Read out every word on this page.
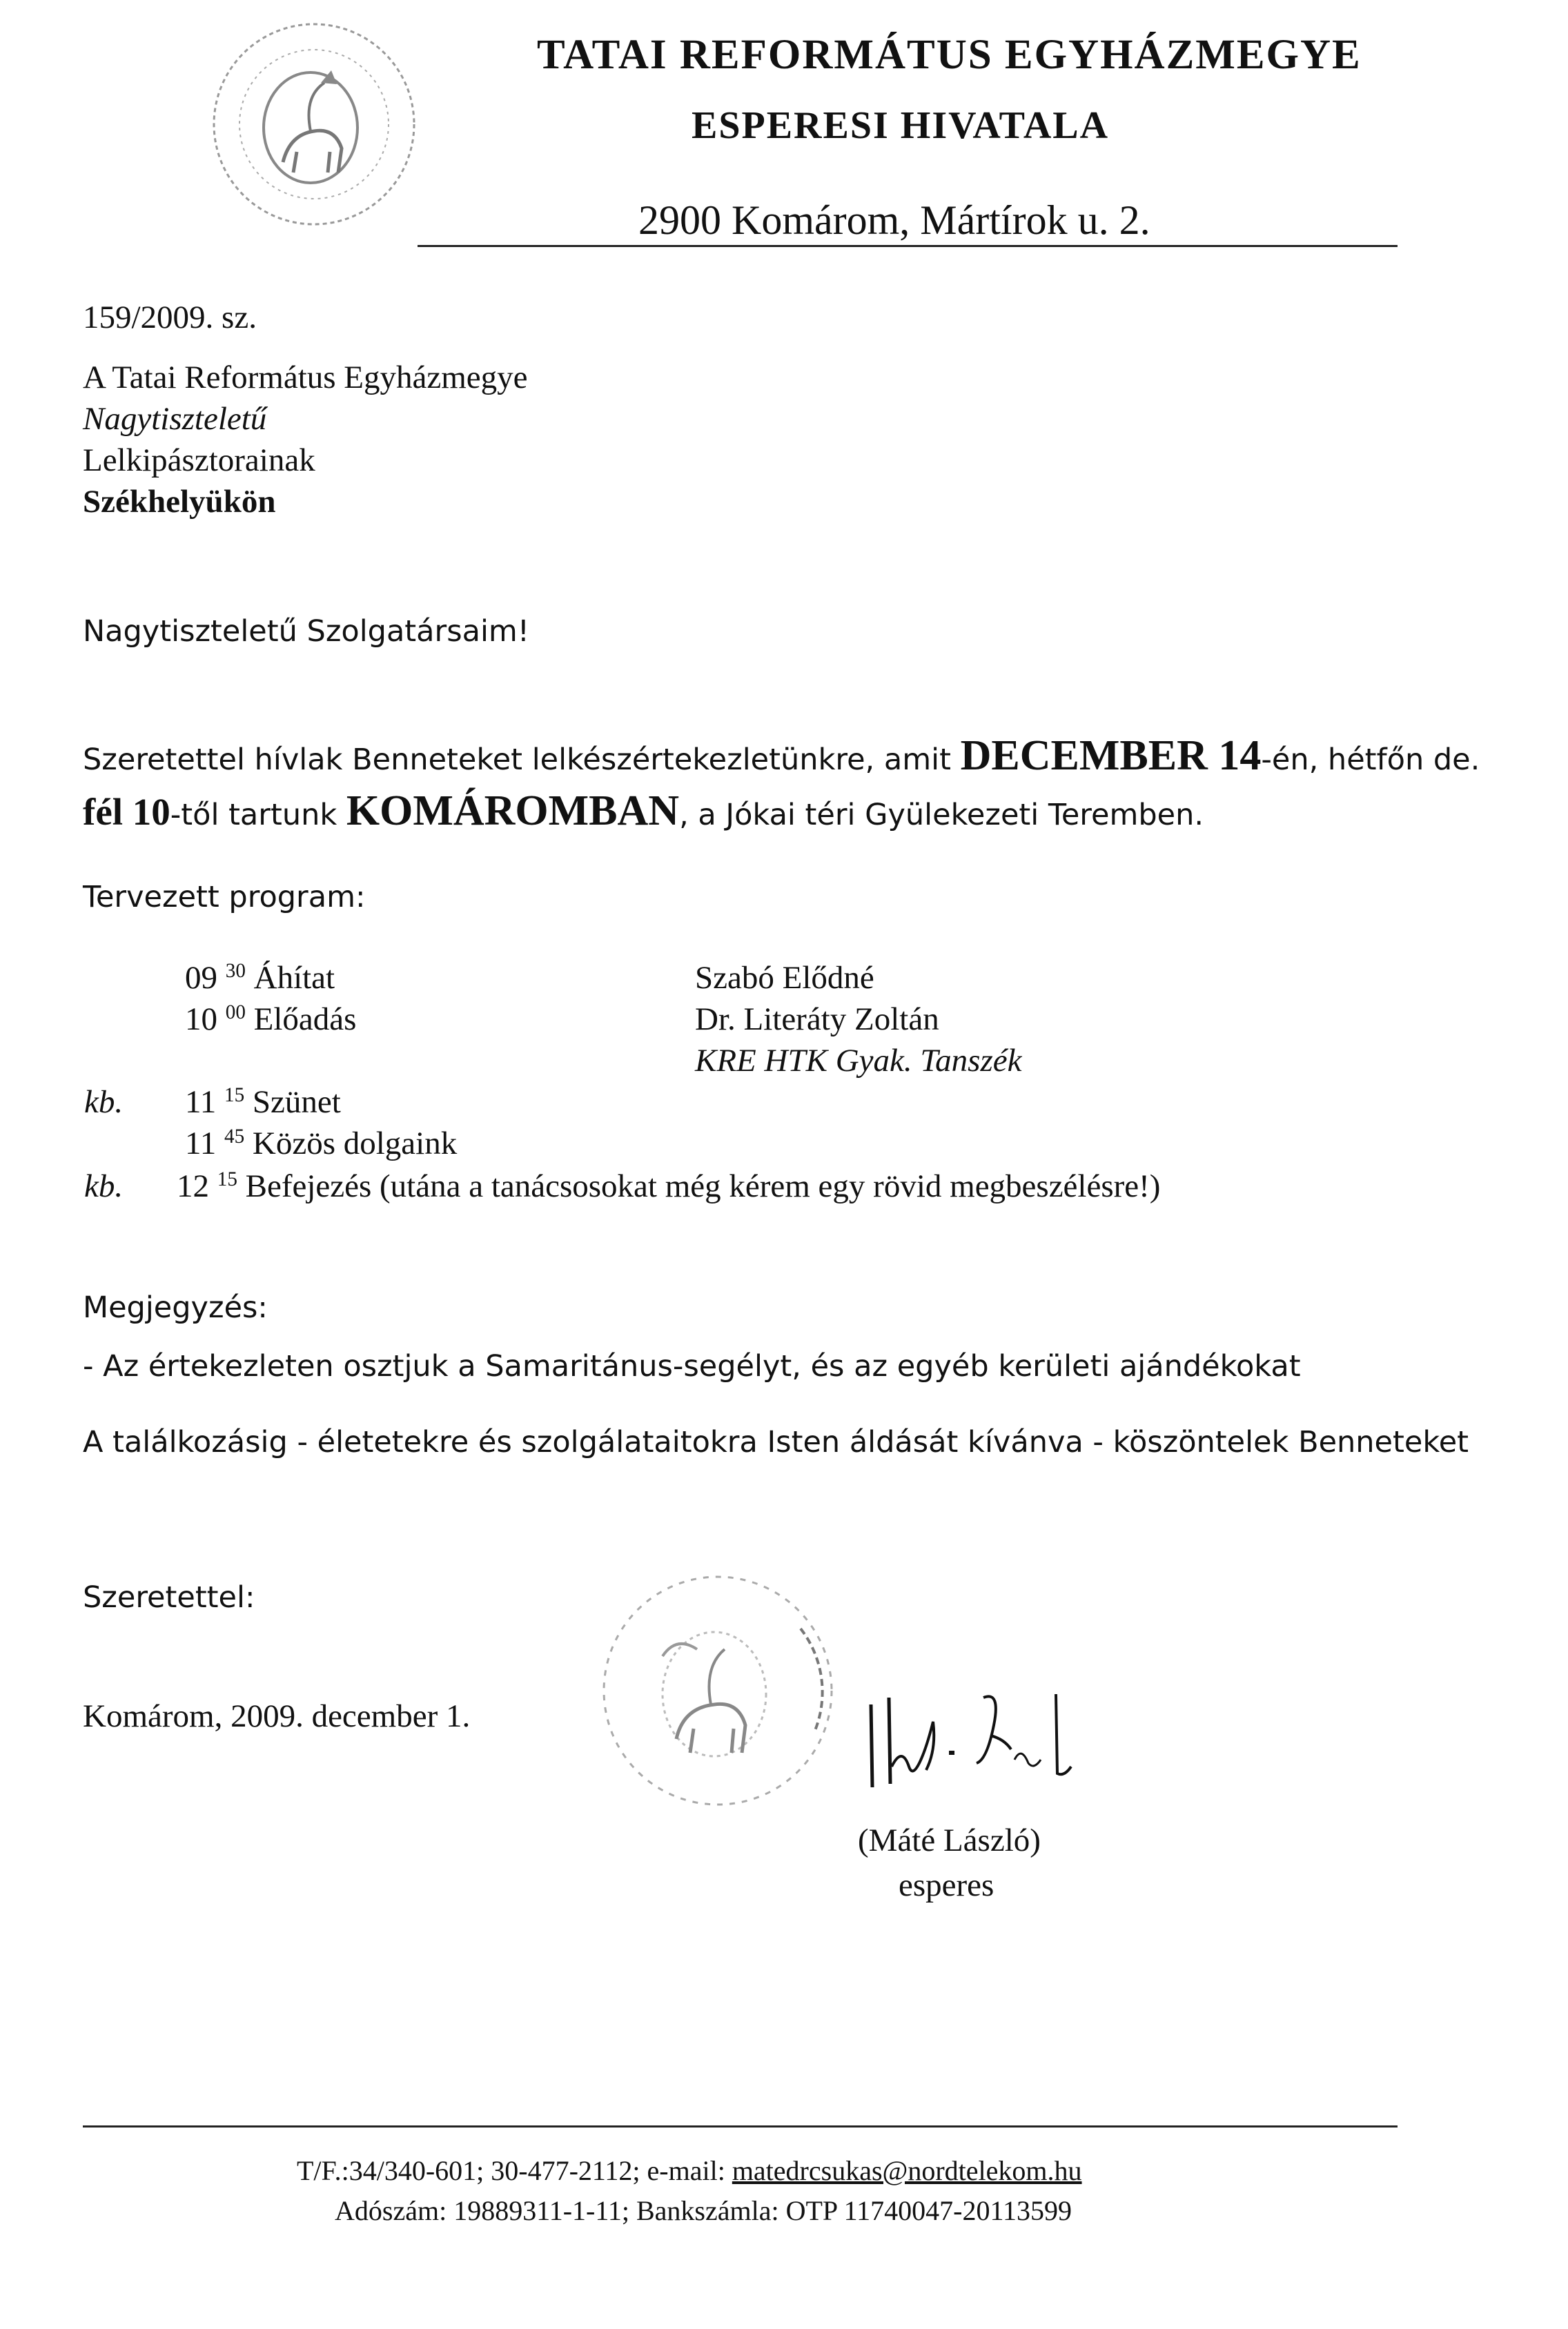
TATAI REFORMÁTUS EGYHÁZMEGYE
ESPERESI HIVATALA
2900 Komárom, Mártírok u. 2.
159/2009. sz.
A Tatai Református Egyházmegye
Nagytiszteletű
Lelkipásztorainak
Székhelyükön
Nagytiszteletű Szolgatársaim!
Szeretettel hívlak Benneteket lelkészértekezletünkre, amit DECEMBER 14-én, hétfőn de.
fél 10-től tartunk KOMÁROMBAN, a Jókai téri Gyülekezeti Teremben.
Tervezett program:
09 $^{30}$ Áhítat	Szabó Elődné
10 $^{00}$ Előadás	Dr. Literáty Zoltán
KRE HTK Gyak. Tanszék
kb. 11 $^{15}$ Szünet
11 $^{45}$ Közös dolgaink
kb. 12 $^{15}$ Befejezés (utána a tanácsosokat még kérem egy rövid megbeszélésre!)
Megjegyzés:
- Az értekezleten osztjuk a Samaritánus-segélyt, és az egyéb kerületi ajándékokat
A találkozásig - életetekre és szolgálataitokra Isten áldását kívánva - köszöntelek Benneteket
Szeretettel:
Komárom, 2009. december 1.
(Máté László)
esperes
T/F.:34/340-601; 30-477-2112; e-mail: matedrcsukas@nordtelekom.hu
Adószám: 19889311-1-11; Bankszámla: OTP 11740047-20113599
